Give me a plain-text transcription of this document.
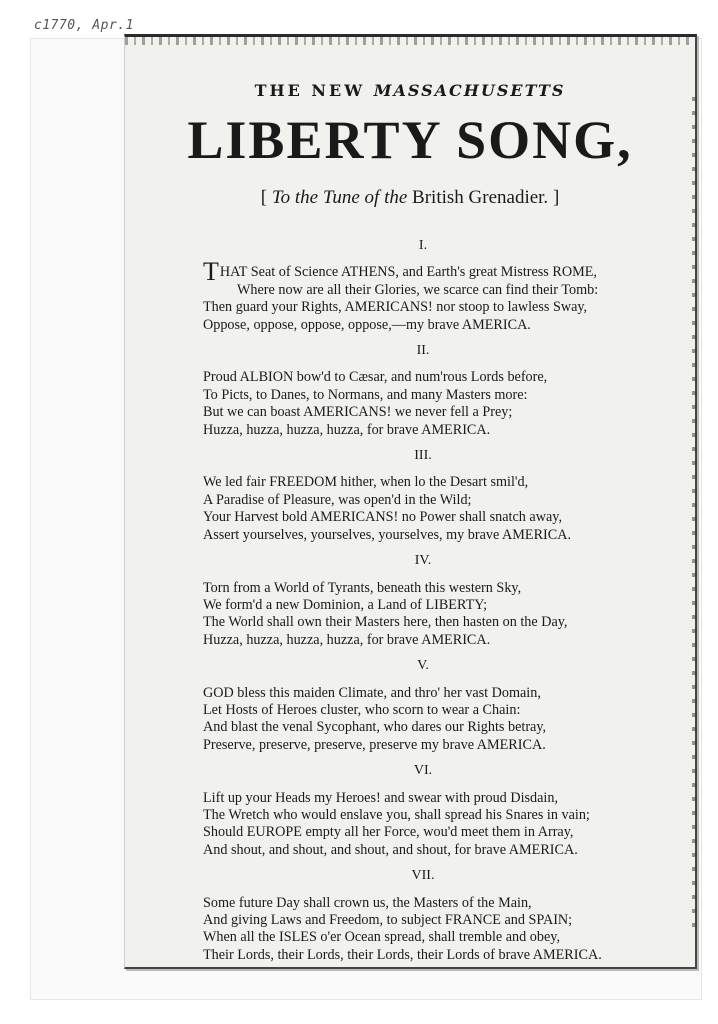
c1770, Apr.1
THE NEW MASSACHUSETTS
LIBERTY SONG,
[ To the Tune of the British Grenadier. ]
I.
THAT Seat of Science ATHENS, and Earth's great Mistress ROME,
Where now are all their Glories, we scarce can find their Tomb:
Then guard your Rights, AMERICANS! nor stoop to lawless Sway,
Oppose, oppose, oppose, oppose,—my brave AMERICA.
II.
Proud ALBION bow'd to Cæsar, and num'rous Lords before,
To Picts, to Danes, to Normans, and many Masters more:
But we can boast AMERICANS! we never fell a Prey;
Huzza, huzza, huzza, huzza, for brave AMERICA.
III.
We led fair FREEDOM hither, when lo the Desart smil'd,
A Paradise of Pleasure, was open'd in the Wild;
Your Harvest bold AMERICANS! no Power shall snatch away,
Assert yourselves, yourselves, yourselves, my brave AMERICA.
IV.
Torn from a World of Tyrants, beneath this western Sky,
We form'd a new Dominion, a Land of LIBERTY;
The World shall own their Masters here, then hasten on the Day,
Huzza, huzza, huzza, huzza, for brave AMERICA.
V.
GOD bless this maiden Climate, and thro' her vast Domain,
Let Hosts of Heroes cluster, who scorn to wear a Chain:
And blast the venal Sycophant, who dares our Rights betray,
Preserve, preserve, preserve, preserve my brave AMERICA.
VI.
Lift up your Heads my Heroes! and swear with proud Disdain,
The Wretch who would enslave you, shall spread his Snares in vain;
Should EUROPE empty all her Force, wou'd meet them in Array,
And shout, and shout, and shout, and shout, for brave AMERICA.
VII.
Some future Day shall crown us, the Masters of the Main,
And giving Laws and Freedom, to subject FRANCE and SPAIN;
When all the ISLES o'er Ocean spread, shall tremble and obey,
Their Lords, their Lords, their Lords, their Lords of brave AMERICA.
